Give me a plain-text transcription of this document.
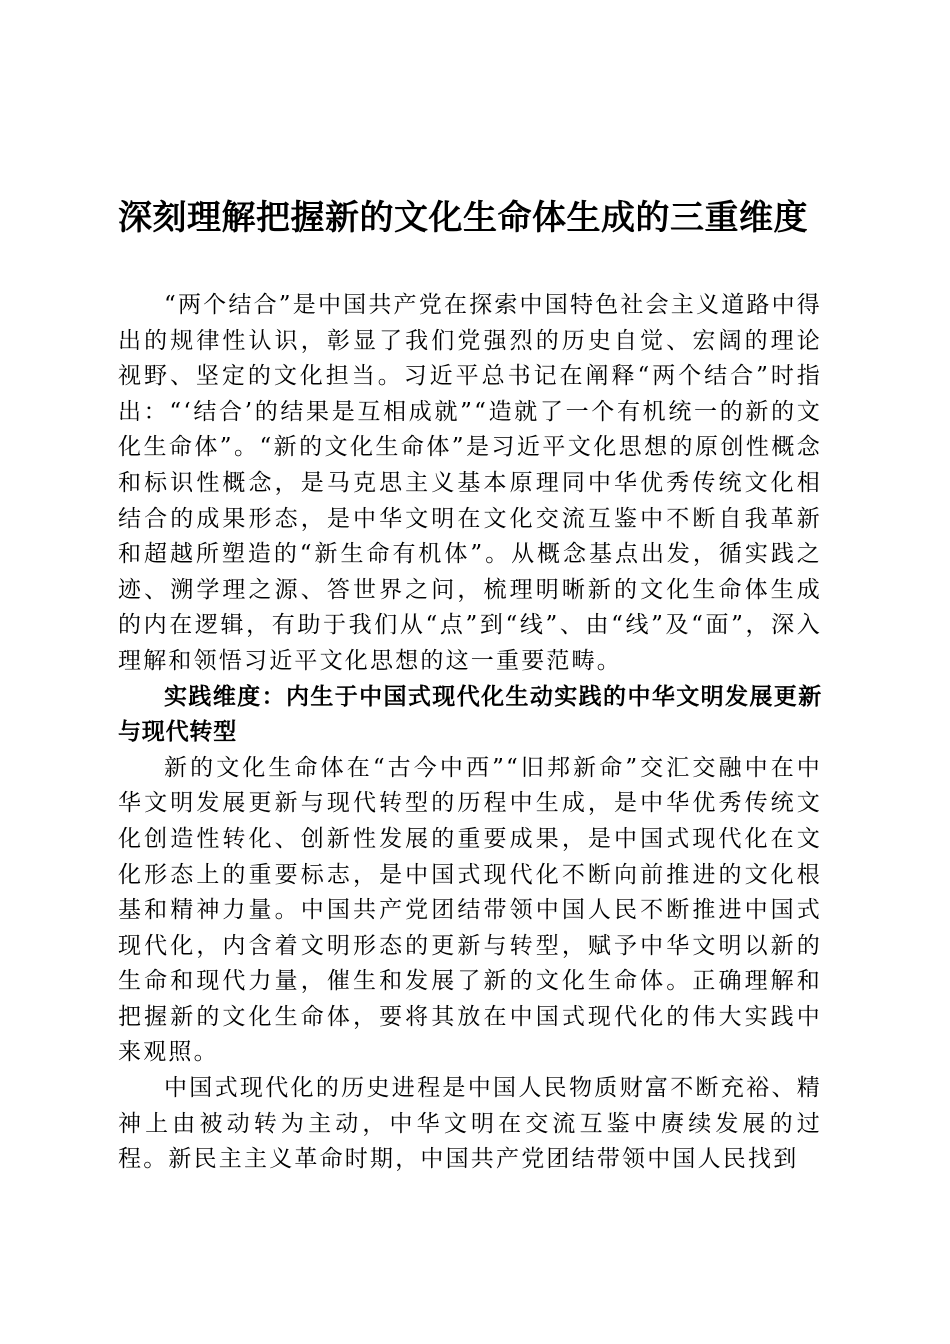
深刻理解把握新的文化生命体生成的三重维度

“两个结合”是中国共产党在探索中国特色社会主义道路中得出的规律性认识，彰显了我们党强烈的历史自觉、宏阔的理论视野、坚定的文化担当。习近平总书记在阐释“两个结合”时指出：“‘结合’的结果是互相成就”“造就了一个有机统一的新的文化生命体”。“新的文化生命体”是习近平文化思想的原创性概念和标识性概念，是马克思主义基本原理同中华优秀传统文化相结合的成果形态，是中华文明在文化交流互鉴中不断自我革新和超越所塑造的“新生命有机体”。从概念基点出发，循实践之迹、溯学理之源、答世界之问，梳理明晰新的文化生命体生成的内在逻辑，有助于我们从“点”到“线”、由“线”及“面”，深入理解和领悟习近平文化思想的这一重要范畴。

实践维度：内生于中国式现代化生动实践的中华文明发展更新与现代转型

新的文化生命体在“古今中西”“旧邦新命”交汇交融中在中华文明发展更新与现代转型的历程中生成，是中华优秀传统文化创造性转化、创新性发展的重要成果，是中国式现代化在文化形态上的重要标志，是中国式现代化不断向前推进的文化根基和精神力量。中国共产党团结带领中国人民不断推进中国式现代化，内含着文明形态的更新与转型，赋予中华文明以新的生命和现代力量，催生和发展了新的文化生命体。正确理解和把握新的文化生命体，要将其放在中国式现代化的伟大实践中来观照。

中国式现代化的历史进程是中国人民物质财富不断充裕、精神上由被动转为主动，中华文明在交流互鉴中赓续发展的过程。新民主主义革命时期，中国共产党团结带领中国人民找到
